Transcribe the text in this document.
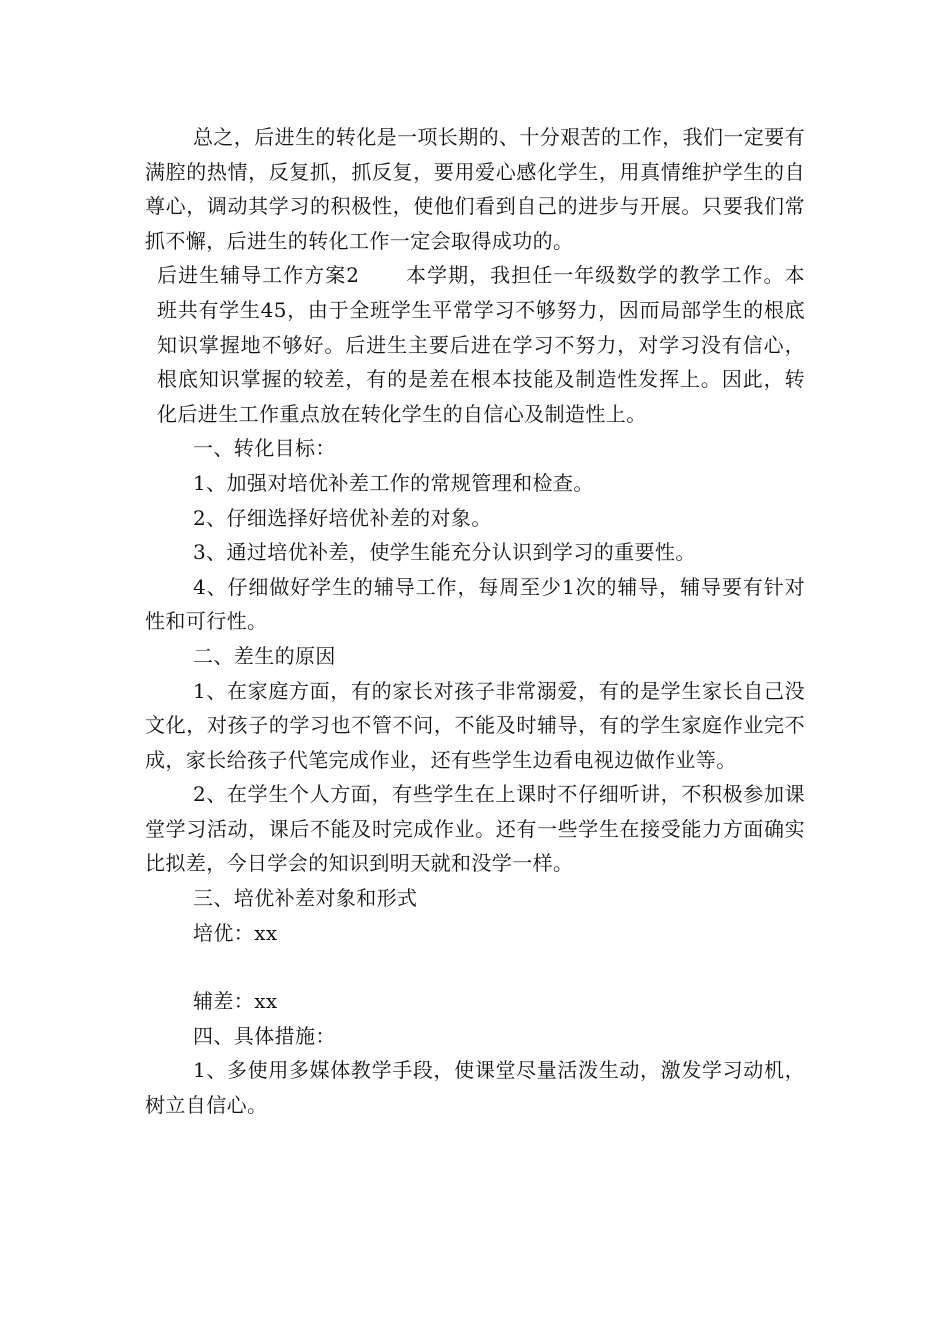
总之，后进生的转化是一项长期的、十分艰苦的工作，我们一定要有满腔的热情，反复抓，抓反复，要用爱心感化学生，用真情维护学生的自尊心，调动其学习的积极性，使他们看到自己的进步与开展。只要我们常抓不懈，后进生的转化工作一定会取得成功的。

后进生辅导工作方案2 本学期，我担任一年级数学的教学工作。本班共有学生45，由于全班学生平常学习不够努力，因而局部学生的根底知识掌握地不够好。后进生主要后进在学习不努力，对学习没有信心，根底知识掌握的较差，有的是差在根本技能及制造性发挥上。因此，转化后进生工作重点放在转化学生的自信心及制造性上。

一、转化目标：

1、加强对培优补差工作的常规管理和检查。

2、仔细选择好培优补差的对象。

3、通过培优补差，使学生能充分认识到学习的重要性。

4、仔细做好学生的辅导工作，每周至少1次的辅导，辅导要有针对性和可行性。

二、差生的原因

1、在家庭方面，有的家长对孩子非常溺爱，有的是学生家长自己没文化，对孩子的学习也不管不问，不能及时辅导，有的学生家庭作业完不成，家长给孩子代笔完成作业，还有些学生边看电视边做作业等。

2、在学生个人方面，有些学生在上课时不仔细听讲，不积极参加课堂学习活动，课后不能及时完成作业。还有一些学生在接受能力方面确实比拟差，今日学会的知识到明天就和没学一样。

三、培优补差对象和形式

培优：xx

辅差：xx

四、具体措施：

1、多使用多媒体教学手段，使课堂尽量活泼生动，激发学习动机，树立自信心。
